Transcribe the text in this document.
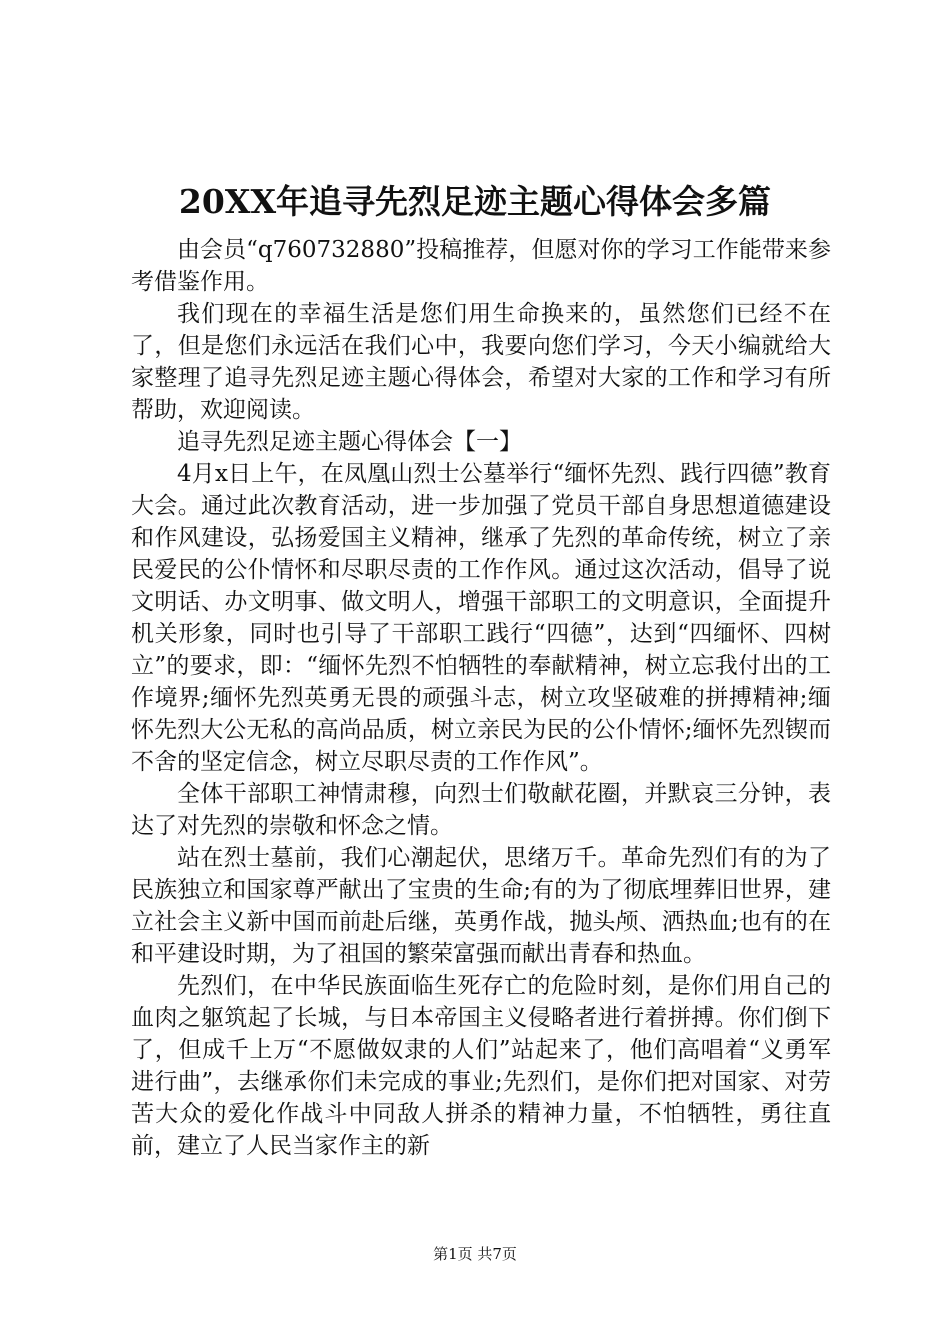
20XX年追寻先烈足迹主题心得体会多篇

由会员“q760732880”投稿推荐，但愿对你的学习工作能带来参考借鉴作用。

我们现在的幸福生活是您们用生命换来的，虽然您们已经不在了，但是您们永远活在我们心中，我要向您们学习，今天小编就给大家整理了追寻先烈足迹主题心得体会，希望对大家的工作和学习有所帮助，欢迎阅读。

追寻先烈足迹主题心得体会【一】

4月x日上午，在凤凰山烈士公墓举行“缅怀先烈、践行四德”教育大会。通过此次教育活动，进一步加强了党员干部自身思想道德建设和作风建设，弘扬爱国主义精神，继承了先烈的革命传统，树立了亲民爱民的公仆情怀和尽职尽责的工作作风。通过这次活动，倡导了说文明话、办文明事、做文明人，增强干部职工的文明意识，全面提升机关形象，同时也引导了干部职工践行“四德”，达到“四缅怀、四树立”的要求，即：“缅怀先烈不怕牺牲的奉献精神，树立忘我付出的工作境界;缅怀先烈英勇无畏的顽强斗志，树立攻坚破难的拼搏精神;缅怀先烈大公无私的高尚品质，树立亲民为民的公仆情怀;缅怀先烈锲而不舍的坚定信念，树立尽职尽责的工作作风”。

全体干部职工神情肃穆，向烈士们敬献花圈，并默哀三分钟，表达了对先烈的崇敬和怀念之情。

站在烈士墓前，我们心潮起伏，思绪万千。革命先烈们有的为了民族独立和国家尊严献出了宝贵的生命;有的为了彻底埋葬旧世界，建立社会主义新中国而前赴后继，英勇作战，抛头颅、洒热血;也有的在和平建设时期，为了祖国的繁荣富强而献出青春和热血。

先烈们，在中华民族面临生死存亡的危险时刻，是你们用自己的血肉之躯筑起了长城，与日本帝国主义侵略者进行着拼搏。你们倒下了，但成千上万“不愿做奴隶的人们”站起来了，他们高唱着“义勇军进行曲”，去继承你们未完成的事业;先烈们，是你们把对国家、对劳苦大众的爱化作战斗中同敌人拼杀的精神力量，不怕牺牲，勇往直前，建立了人民当家作主的新

第1页 共7页
